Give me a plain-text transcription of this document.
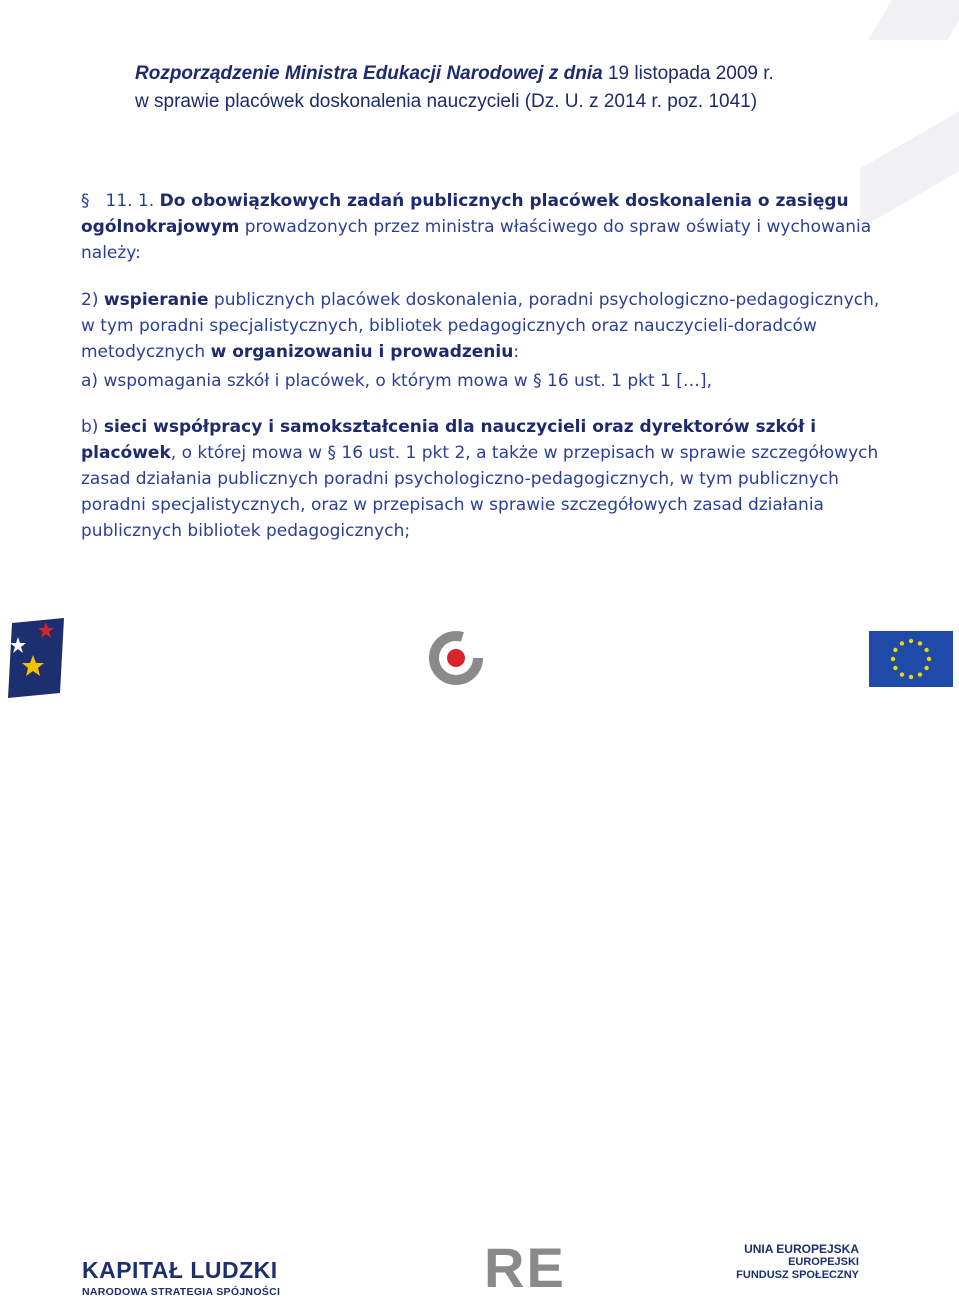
Rozporządzenie Ministra Edukacji Narodowej z dnia 19 listopada 2009 r.
w sprawie placówek doskonalenia nauczycieli (Dz. U. z 2014 r. poz. 1041)
§ 11. 1. Do obowiązkowych zadań publicznych placówek doskonalenia o zasięgu ogólnokrajowym prowadzonych przez ministra właściwego do spraw oświaty i wychowania należy:
2) wspieranie publicznych placówek doskonalenia, poradni psychologiczno-pedagogicznych, w tym poradni specjalistycznych, bibliotek pedagogicznych oraz nauczycieli-doradców metodycznych w organizowaniu i prowadzeniu:
a) wspomagania szkół i placówek, o którym mowa w § 16 ust. 1 pkt 1 […],
b) sieci współpracy i samokształcenia dla nauczycieli oraz dyrektorów szkół i placówek, o której mowa w § 16 ust. 1 pkt 2, a także w przepisach w sprawie szczegółowych zasad działania publicznych poradni psychologiczno-pedagogicznych, w tym publicznych poradni specjalistycznych, oraz w przepisach w sprawie szczegółowych zasad działania publicznych bibliotek pedagogicznych;
KAPITAŁ LUDZKI
NARODOWA STRATEGIA SPÓJNOŚCI	RE	UNIA EUROPEJSKA
EUROPEJSKI
FUNDUSZ SPOŁECZNY
